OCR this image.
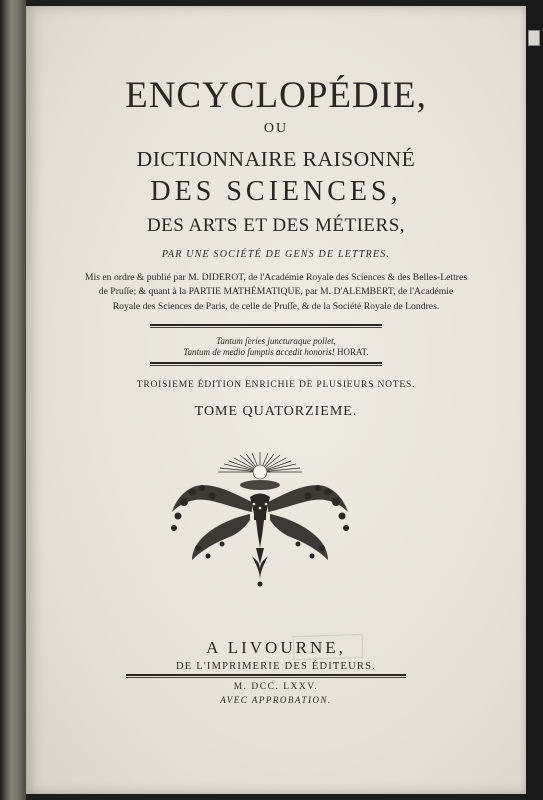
ENCYCLOPÉDIE,
OU
DICTIONNAIRE RAISONNÉ
DES SCIENCES,
DES ARTS ET DES MÉTIERS,
PAR UNE SOCIÉTÉ DE GENS DE LETTRES.
Mis en ordre & publié par M. DIDEROT, de l'Académie Royale des Sciences & des Belles-Lettres
de Pruſſe; & quant à la PARTIE MATHÉMATIQUE, par M. D'ALEMBERT, de l'Académie
Royale des Sciences de Paris, de celle de Pruſſe, & de la Société Royale de Londres.
Tantum ſeries juncturaque pollet,
Tantum de medio ſumptis accedit honoris! HORAT.
TROISIEME ÉDITION ENRICHIE DE PLUSIEURS NOTES.
TOME QUATORZIEME.
A LIVOURNE,
DE L'IMPRIMERIE DES ÉDITEURS.
M. DCC. LXXV.
AVEC APPROBATION.
